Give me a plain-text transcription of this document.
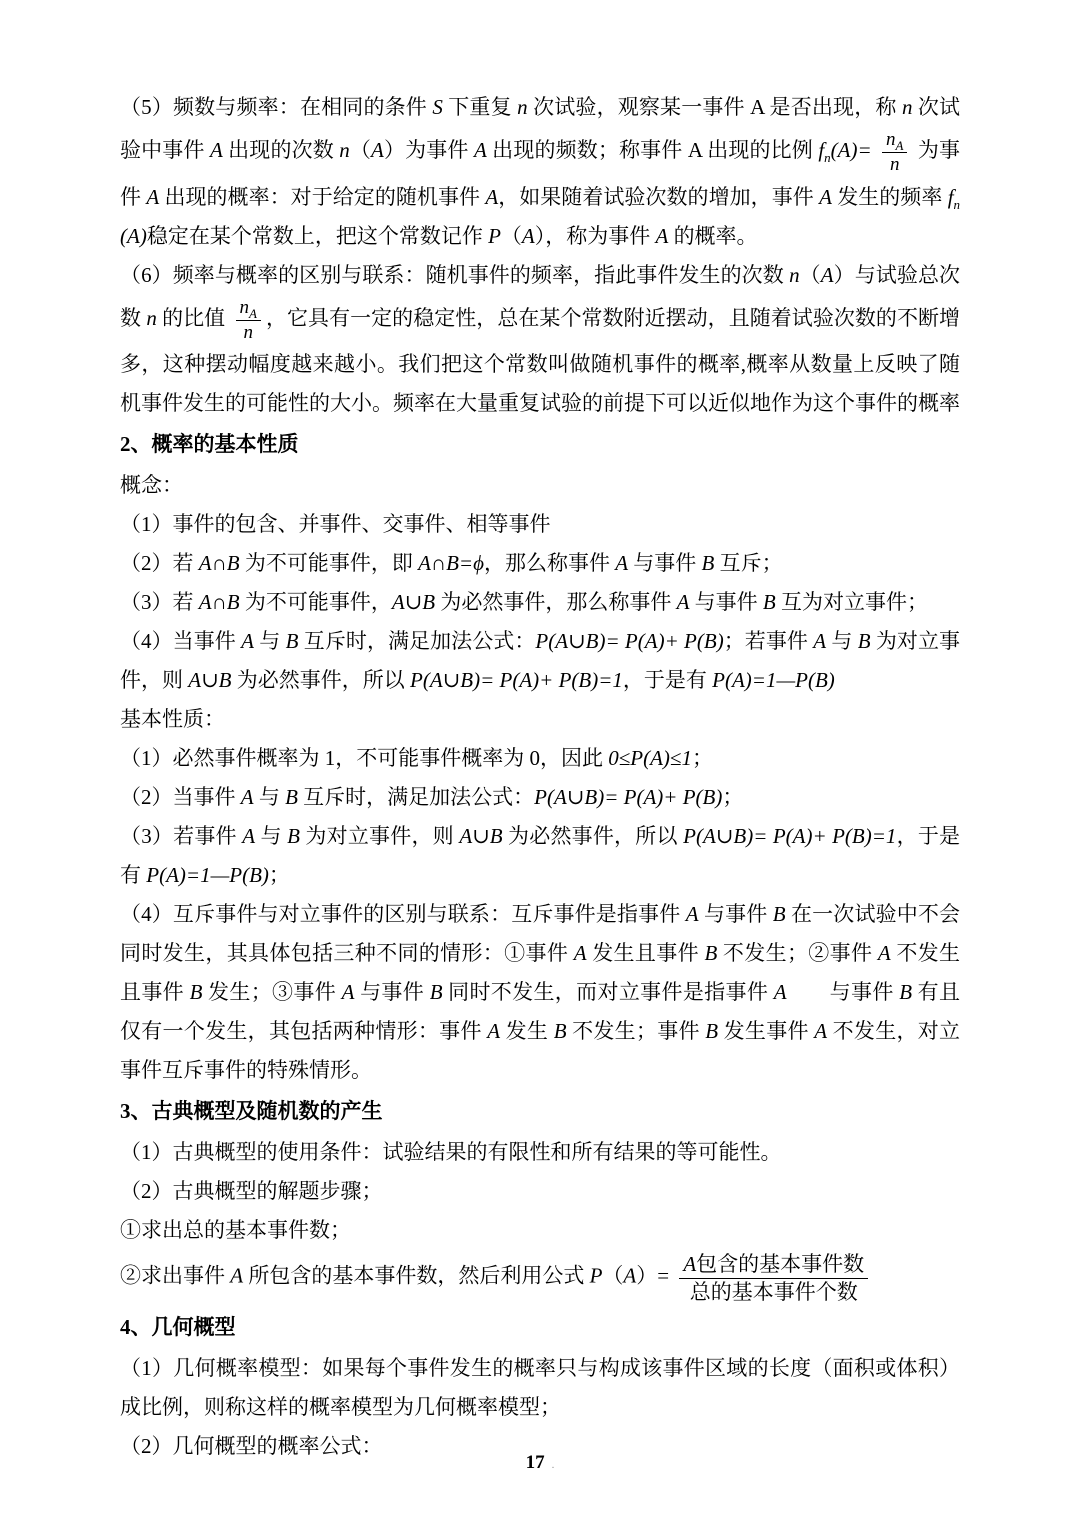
（5）频数与频率：在相同的条件 S 下重复 n 次试验，观察某一事件 A 是否出现，称 n 次试验中事件 A 出现的次数 n（A）为事件 A 出现的频数；称事件 A 出现的比例 $f_n(A)= \frac{n_A}{n}$ 为事件 A 出现的概率：对于给定的随机事件 A，如果随着试验次数的增加，事件 A 发生的频率 $f_n(A)$稳定在某个常数上，把这个常数记作 P（A），称为事件 A 的概率。

（6）频率与概率的区别与联系：随机事件的频率，指此事件发生的次数 n（A）与试验总次数 n 的比值 $\frac{n_A}{n}$ ，它具有一定的稳定性，总在某个常数附近摆动，且随着试验次数的不断增多，这种摆动幅度越来越小。我们把这个常数叫做随机事件的概率,概率从数量上反映了随机事件发生的可能性的大小。频率在大量重复试验的前提下可以近似地作为这个事件的概率

2、概率的基本性质

概念：

（1）事件的包含、并事件、交事件、相等事件

（2）若 A∩B 为不可能事件，即 A∩B=ϕ，那么称事件 A 与事件 B 互斥；

（3）若 A∩B 为不可能事件，A∪B 为必然事件，那么称事件 A 与事件 B 互为对立事件；

（4）当事件 A 与 B 互斥时，满足加法公式：P(A∪B)= P(A)+ P(B)；若事件 A 与 B 为对立事件，则 A∪B 为必然事件，所以 P(A∪B)= P(A)+ P(B)=1，于是有 P(A)=1—P(B)

基本性质：

（1）必然事件概率为 1，不可能事件概率为 0，因此 0≤P(A)≤1；

（2）当事件 A 与 B 互斥时，满足加法公式：P(A∪B)= P(A)+ P(B)；

（3）若事件 A 与 B 为对立事件，则 A∪B 为必然事件，所以 P(A∪B)= P(A)+ P(B)=1，于是有 P(A)=1—P(B)；

（4）互斥事件与对立事件的区别与联系：互斥事件是指事件 A 与事件 B 在一次试验中不会同时发生，其具体包括三种不同的情形：①事件 A 发生且事件 B 不发生；②事件 A 不发生且事件 B 发生；③事件 A 与事件 B 同时不发生，而对立事件是指事件 A　　与事件 B 有且仅有一个发生，其包括两种情形：事件 A 发生 B 不发生；事件 B 发生事件 A 不发生，对立事件互斥事件的特殊情形。

3、古典概型及随机数的产生

（1）古典概型的使用条件：试验结果的有限性和所有结果的等可能性。

（2）古典概型的解题步骤；

①求出总的基本事件数；

②求出事件 A 所包含的基本事件数，然后利用公式 $P(A)= \frac{\text{A包含的基本事件数}}{\text{总的基本事件个数}}$

4、几何概型

（1）几何概率模型：如果每个事件发生的概率只与构成该事件区域的长度（面积或体积）成比例，则称这样的概率模型为几何概率模型；

（2）几何概型的概率公式：

17 .
